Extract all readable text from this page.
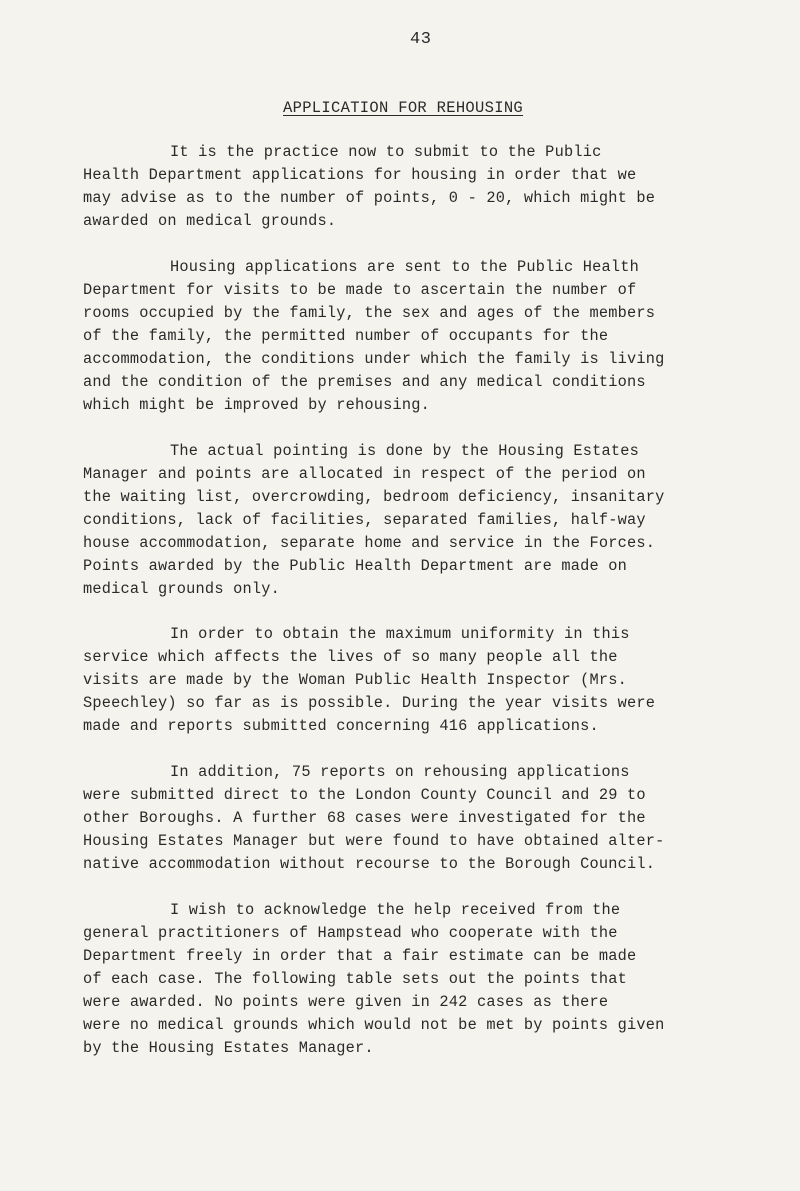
43
APPLICATION FOR REHOUSING
It is the practice now to submit to the Public
Health Department applications for housing in order that we
may advise as to the number of points, 0 - 20, which might be
awarded on medical grounds.
Housing applications are sent to the Public Health
Department for visits to be made to ascertain the number of
rooms occupied by the family, the sex and ages of the members
of the family, the permitted number of occupants for the
accommodation, the conditions under which the family is living
and the condition of the premises and any medical conditions
which might be improved by rehousing.
The actual pointing is done by the Housing Estates
Manager and points are allocated in respect of the period on
the waiting list, overcrowding, bedroom deficiency, insanitary
conditions, lack of facilities, separated families, half-way
house accommodation, separate home and service in the Forces.
Points awarded by the Public Health Department are made on
medical grounds only.
In order to obtain the maximum uniformity in this
service which affects the lives of so many people all the
visits are made by the Woman Public Health Inspector (Mrs.
Speechley) so far as is possible. During the year visits were
made and reports submitted concerning 416 applications.
In addition, 75 reports on rehousing applications
were submitted direct to the London County Council and 29 to
other Boroughs. A further 68 cases were investigated for the
Housing Estates Manager but were found to have obtained alter-
native accommodation without recourse to the Borough Council.
I wish to acknowledge the help received from the
general practitioners of Hampstead who cooperate with the
Department freely in order that a fair estimate can be made
of each case. The following table sets out the points that
were awarded. No points were given in 242 cases as there
were no medical grounds which would not be met by points given
by the Housing Estates Manager.
